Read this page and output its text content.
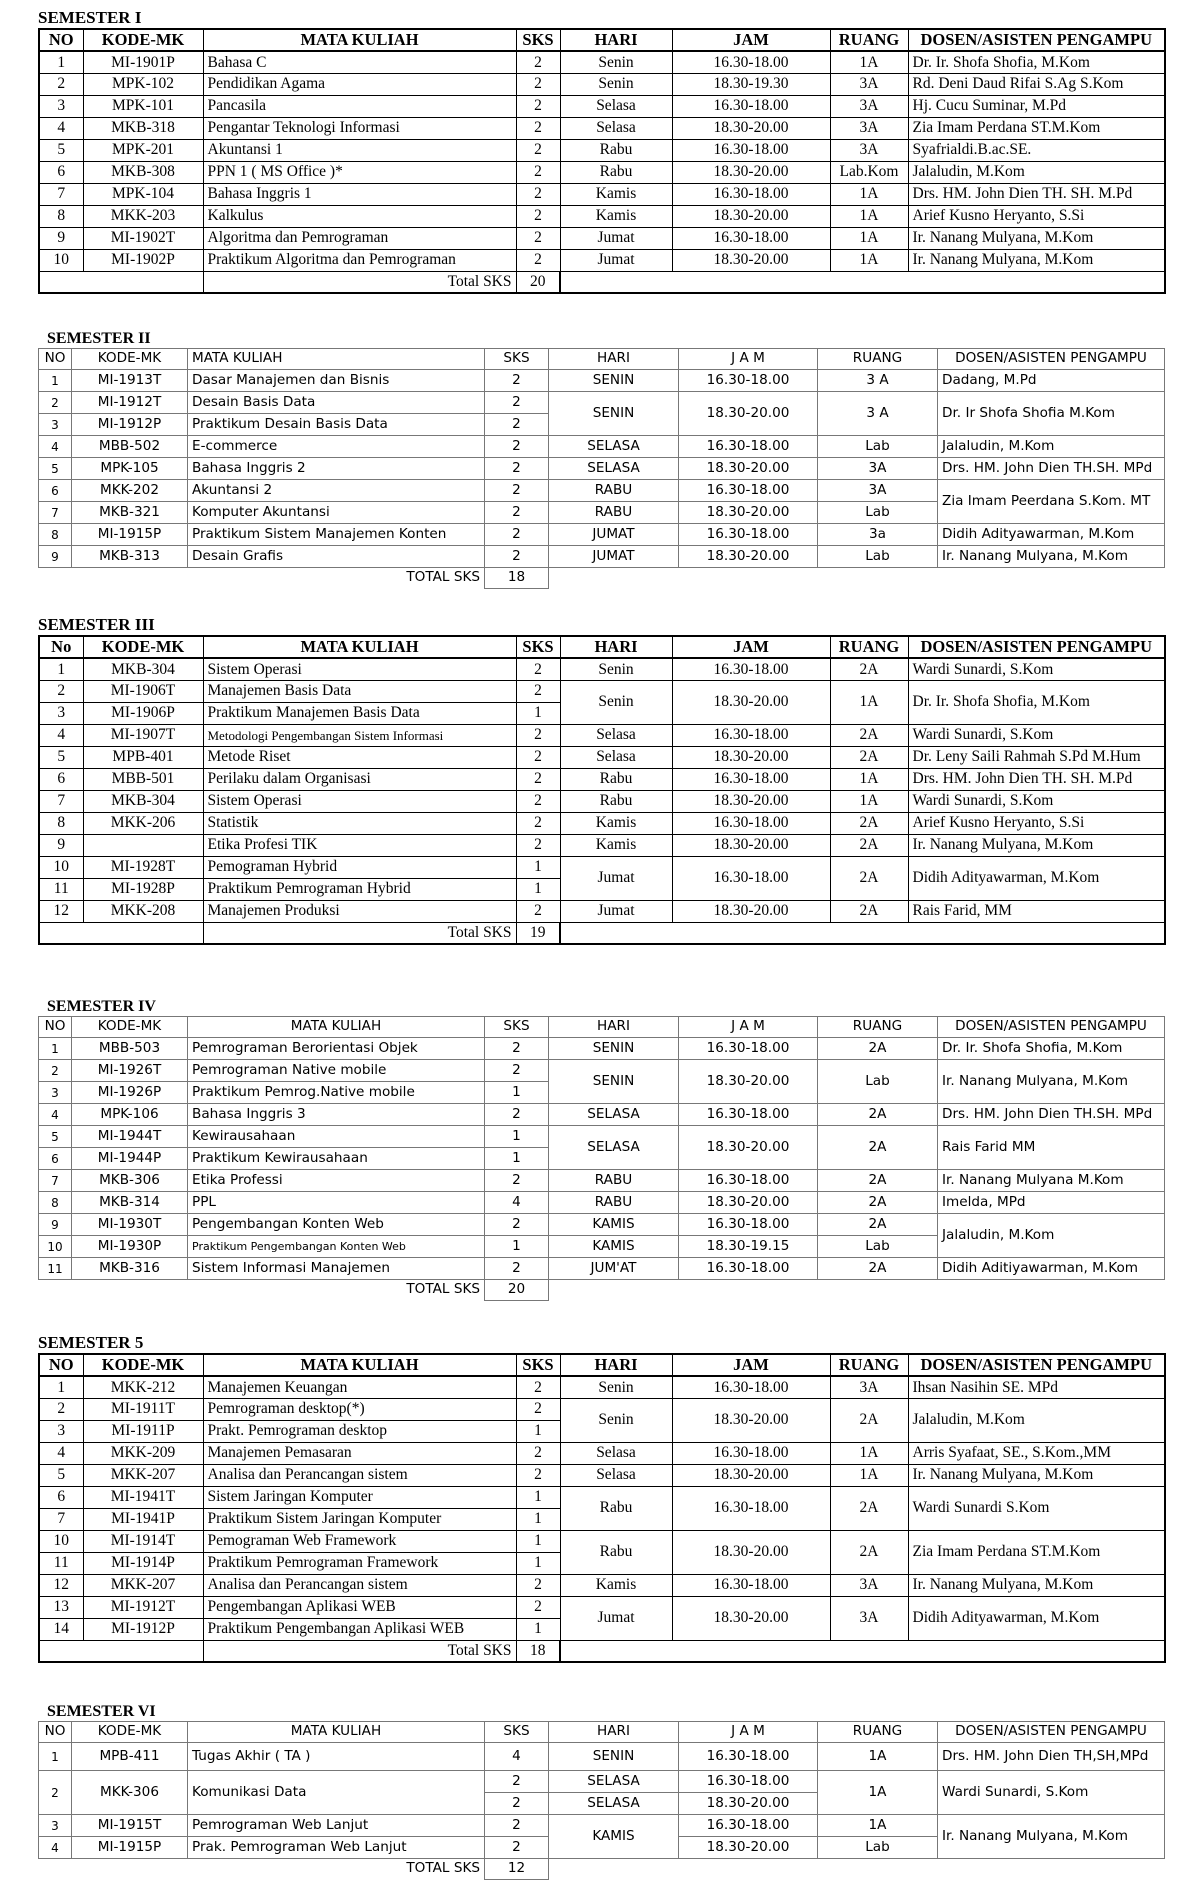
SEMESTER I
NO	KODE-MK	MATA KULIAH	SKS	HARI	JAM	RUANG	DOSEN/ASISTEN PENGAMPU
1	MI-1901P	Bahasa C	2	Senin	16.30-18.00	1A	Dr. Ir. Shofa Shofia, M.Kom
2	MPK-102	Pendidikan Agama	2	Senin	18.30-19.30	3A	Rd. Deni Daud Rifai S.Ag S.Kom
3	MPK-101	Pancasila	2	Selasa	16.30-18.00	3A	Hj. Cucu Suminar, M.Pd
4	MKB-318	Pengantar Teknologi Informasi	2	Selasa	18.30-20.00	3A	Zia Imam Perdana ST.M.Kom
5	MPK-201	Akuntansi 1	2	Rabu	16.30-18.00	3A	Syafrialdi.B.ac.SE.
6	MKB-308	PPN 1 ( MS Office )*	2	Rabu	18.30-20.00	Lab.Kom	Jalaludin, M.Kom
7	MPK-104	Bahasa Inggris 1	2	Kamis	16.30-18.00	1A	Drs. HM. John Dien TH. SH. M.Pd
8	MKK-203	Kalkulus	2	Kamis	18.30-20.00	1A	Arief Kusno Heryanto, S.Si
9	MI-1902T	Algoritma dan Pemrograman	2	Jumat	16.30-18.00	1A	Ir. Nanang Mulyana, M.Kom
10	MI-1902P	Praktikum Algoritma dan Pemrograman	2	Jumat	18.30-20.00	1A	Ir. Nanang Mulyana, M.Kom
		Total SKS	20				
SEMESTER II
NO	KODE-MK	MATA KULIAH	SKS	HARI	J A M	RUANG	DOSEN/ASISTEN PENGAMPU
1	MI-1913T	Dasar Manajemen dan Bisnis	2	SENIN	16.30-18.00	3 A	Dadang, M.Pd
2	MI-1912T	Desain Basis Data	2	SENIN	18.30-20.00	3 A	Dr. Ir Shofa Shofia M.Kom
3	MI-1912P	Praktikum Desain Basis Data	2				
4	MBB-502	E-commerce	2	SELASA	16.30-18.00	Lab	Jalaludin, M.Kom
5	MPK-105	Bahasa Inggris 2	2	SELASA	18.30-20.00	3A	Drs. HM. John Dien TH.SH. MPd
6	MKK-202	Akuntansi 2	2	RABU	16.30-18.00	3A	Zia Imam Peerdana S.Kom. MT
7	MKB-321	Komputer Akuntansi	2	RABU	18.30-20.00	Lab	
8	MI-1915P	Praktikum Sistem Manajemen Konten	2	JUMAT	16.30-18.00	3a	Didih Adityawarman, M.Kom
9	MKB-313	Desain Grafis	2	JUMAT	18.30-20.00	Lab	Ir. Nanang Mulyana, M.Kom
		TOTAL SKS	18				
SEMESTER III
No	KODE-MK	MATA KULIAH	SKS	HARI	JAM	RUANG	DOSEN/ASISTEN PENGAMPU
1	MKB-304	Sistem Operasi	2	Senin	16.30-18.00	2A	Wardi Sunardi, S.Kom
2	MI-1906T	Manajemen Basis Data	2	Senin	18.30-20.00	1A	Dr. Ir. Shofa Shofia, M.Kom
3	MI-1906P	Praktikum Manajemen Basis Data	1				
4	MI-1907T	Metodologi Pengembangan Sistem Informasi	2	Selasa	16.30-18.00	2A	Wardi Sunardi, S.Kom
5	MPB-401	Metode Riset	2	Selasa	18.30-20.00	2A	Dr. Leny Saili Rahmah S.Pd M.Hum
6	MBB-501	Perilaku dalam Organisasi	2	Rabu	16.30-18.00	1A	Drs. HM. John Dien TH. SH. M.Pd
7	MKB-304	Sistem Operasi	2	Rabu	18.30-20.00	1A	Wardi Sunardi, S.Kom
8	MKK-206	Statistik	2	Kamis	16.30-18.00	2A	Arief Kusno Heryanto, S.Si
9		Etika Profesi TIK	2	Kamis	18.30-20.00	2A	Ir. Nanang Mulyana, M.Kom
10	MI-1928T	Pemograman Hybrid	1	Jumat	16.30-18.00	2A	Didih Adityawarman, M.Kom
11	MI-1928P	Praktikum Pemrograman Hybrid	1				
12	MKK-208	Manajemen Produksi	2	Jumat	18.30-20.00	2A	Rais Farid, MM
		Total SKS	19				
SEMESTER IV
NO	KODE-MK	MATA KULIAH	SKS	HARI	J A M	RUANG	DOSEN/ASISTEN PENGAMPU
1	MBB-503	Pemrograman Berorientasi Objek	2	SENIN	16.30-18.00	2A	Dr. Ir. Shofa Shofia, M.Kom
2	MI-1926T	Pemrograman Native mobile	2	SENIN	18.30-20.00	Lab	Ir. Nanang Mulyana, M.Kom
3	MI-1926P	Praktikum Pemrog.Native mobile	1				
4	MPK-106	Bahasa Inggris 3	2	SELASA	16.30-18.00	2A	Drs. HM. John Dien TH.SH. MPd
5	MI-1944T	Kewirausahaan	1	SELASA	18.30-20.00	2A	Rais Farid MM
6	MI-1944P	Praktikum Kewirausahaan	1				
7	MKB-306	Etika Professi	2	RABU	16.30-18.00	2A	Ir. Nanang Mulyana M.Kom
8	MKB-314	PPL	4	RABU	18.30-20.00	2A	Imelda, MPd
9	MI-1930T	Pengembangan Konten Web	2	KAMIS	16.30-18.00	2A	Jalaludin, M.Kom
10	MI-1930P	Praktikum Pengembangan Konten Web	1	KAMIS	18.30-19.15	Lab	
11	MKB-316	Sistem Informasi Manajemen	2	JUM'AT	16.30-18.00	2A	Didih Aditiyawarman, M.Kom
		TOTAL SKS	20				
SEMESTER 5
NO	KODE-MK	MATA KULIAH	SKS	HARI	JAM	RUANG	DOSEN/ASISTEN PENGAMPU
1	MKK-212	Manajemen Keuangan	2	Senin	16.30-18.00	3A	Ihsan Nasihin SE. MPd
2	MI-1911T	Pemrograman desktop(*)	2	Senin	18.30-20.00	2A	Jalaludin, M.Kom
3	MI-1911P	Prakt. Pemrograman desktop	1				
4	MKK-209	Manajemen Pemasaran	2	Selasa	16.30-18.00	1A	Arris Syafaat, SE., S.Kom.,MM
5	MKK-207	Analisa dan Perancangan sistem	2	Selasa	18.30-20.00	1A	Ir. Nanang Mulyana, M.Kom
6	MI-1941T	Sistem Jaringan Komputer	1	Rabu	16.30-18.00	2A	Wardi Sunardi S.Kom
7	MI-1941P	Praktikum Sistem Jaringan Komputer	1				
10	MI-1914T	Pemograman Web Framework	1	Rabu	18.30-20.00	2A	Zia Imam Perdana ST.M.Kom
11	MI-1914P	Praktikum Pemrograman Framework	1				
12	MKK-207	Analisa dan Perancangan sistem	2	Kamis	16.30-18.00	3A	Ir. Nanang Mulyana, M.Kom
13	MI-1912T	Pengembangan Aplikasi WEB	2	Jumat	18.30-20.00	3A	Didih Adityawarman, M.Kom
14	MI-1912P	Praktikum Pengembangan Aplikasi WEB	1				
		Total SKS	18				
SEMESTER VI
NO	KODE-MK	MATA KULIAH	SKS	HARI	J A M	RUANG	DOSEN/ASISTEN PENGAMPU
1	MPB-411	Tugas Akhir ( TA )	4	SENIN	16.30-18.00	1A	Drs. HM. John Dien TH,SH,MPd
2	MKK-306	Komunikasi Data	2	SELASA	16.30-18.00	1A	Wardi Sunardi, S.Kom
			2	SELASA	18.30-20.00		
3	MI-1915T	Pemrograman Web Lanjut	2	KAMIS	16.30-18.00	1A	Ir. Nanang Mulyana, M.Kom
4	MI-1915P	Prak. Pemrograman Web Lanjut	2		18.30-20.00	Lab	
		TOTAL SKS	12				
